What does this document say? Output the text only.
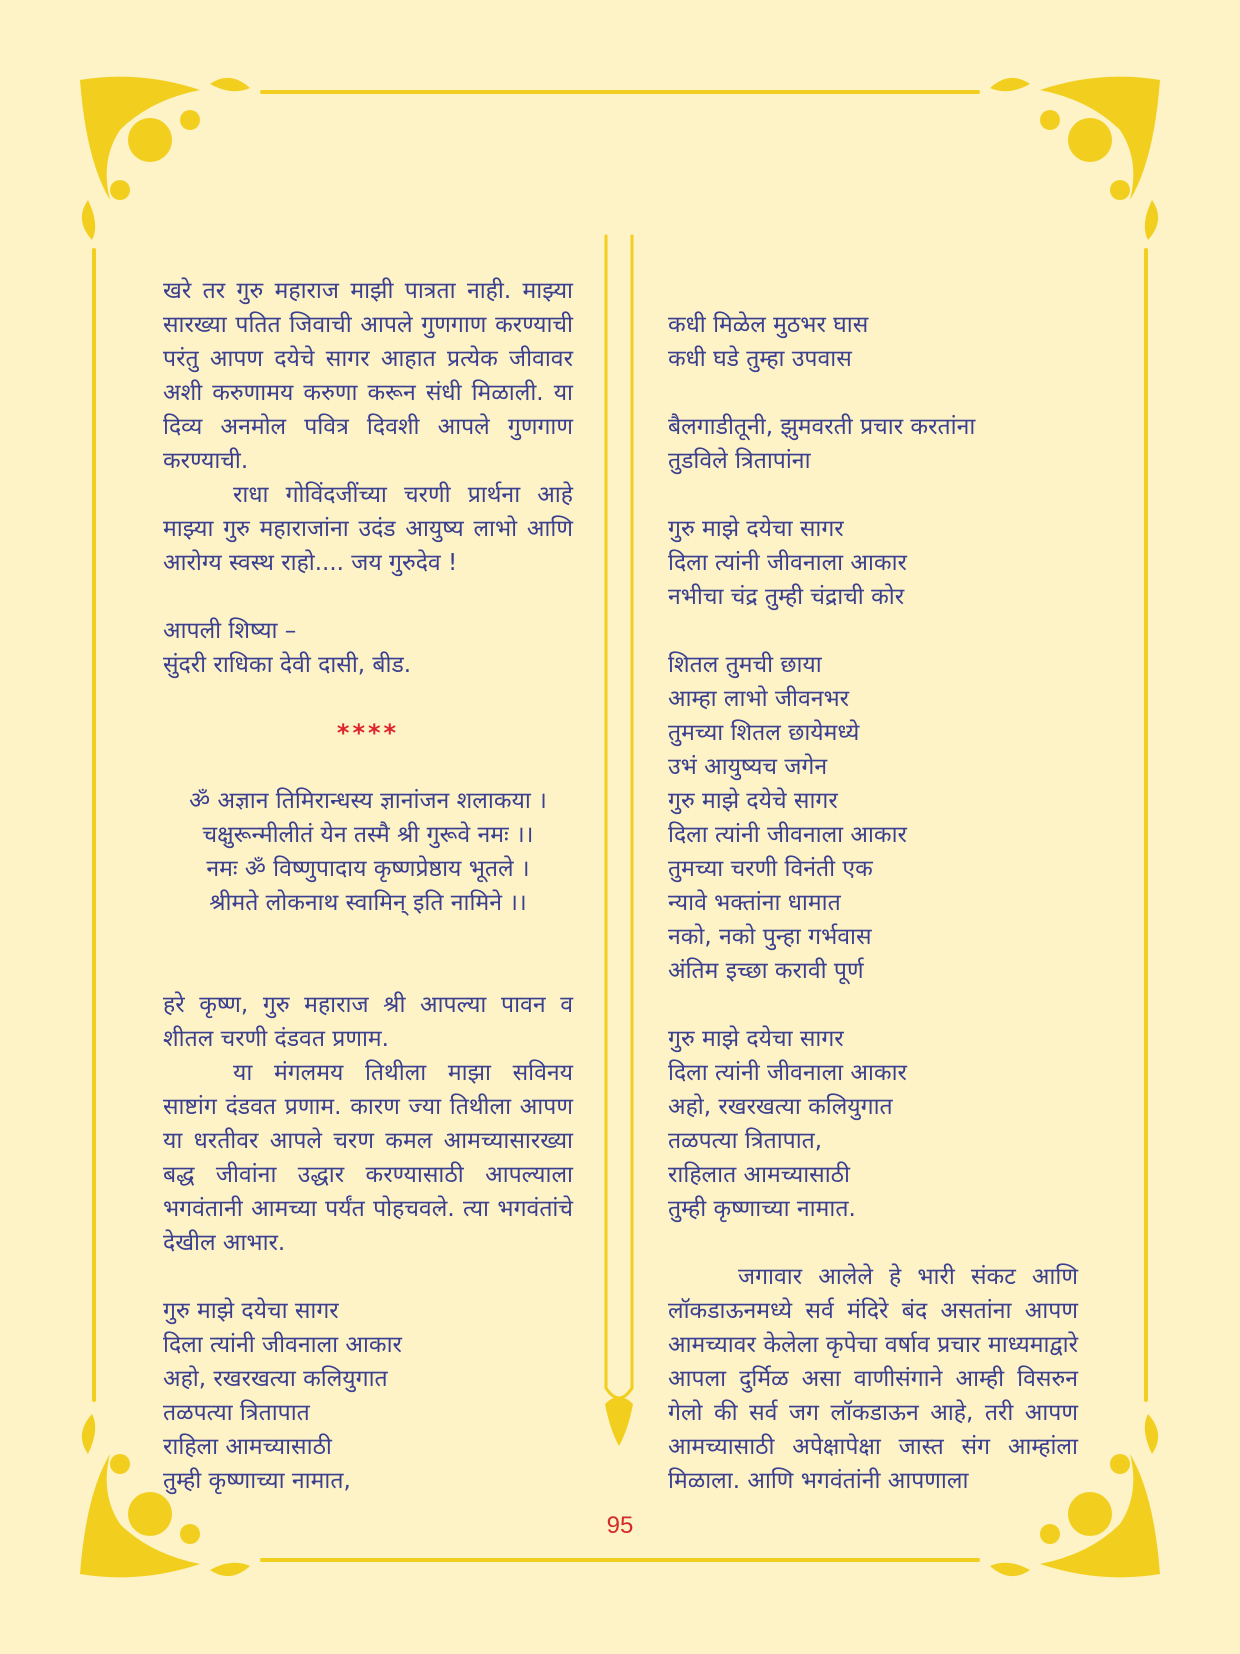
खरे तर गुरु महाराज माझी पात्रता नाही. माझ्या सारख्या पतित जिवाची आपले गुणगाण करण्याची परंतु आपण दयेचे सागर आहात प्रत्येक जीवावर अशी करुणामय करुणा करून संधी मिळाली. या दिव्य अनमोल पवित्र दिवशी आपले गुणगाण करण्याची.

राधा गोविंदजींच्या चरणी प्रार्थना आहे माझ्या गुरु महाराजांना उदंड आयुष्य लाभो आणि आरोग्य स्वस्थ राहो.... जय गुरुदेव !

आपली शिष्या –
सुंदरी राधिका देवी दासी, बीड.
****
ॐ अज्ञान तिमिरान्धस्य ज्ञानांजन शलाकया ।
चक्षुरून्मीलीतं येन तस्मै श्री गुरूवे नमः ।।
नमः ॐ विष्णुपादाय कृष्णप्रेष्ठाय भूतले ।
श्रीमते लोकनाथ स्वामिन् इति नामिने ।।

हरे कृष्ण, गुरु महाराज श्री आपल्या पावन व शीतल चरणी दंडवत प्रणाम.

या मंगलमय तिथीला माझा सविनय साष्टांग दंडवत प्रणाम. कारण ज्या तिथीला आपण या धरतीवर आपले चरण कमल आमच्यासारख्या बद्ध जीवांना उद्धार करण्यासाठी आपल्याला भगवंतानी आमच्या पर्यंत पोहचवले. त्या भगवंतांचे देखील आभार.

गुरु माझे दयेचा सागर
दिला त्यांनी जीवनाला आकार
अहो, रखरखत्या कलियुगात
तळपत्या त्रितापात
राहिला आमच्यासाठी
तुम्ही कृष्णाच्या नामात,
कधी मिळेल मुठभर घास
कधी घडे तुम्हा उपवास
बैलगाडीतूनी, झुमवरती प्रचार करतांना
तुडविले त्रितापांना
गुरु माझे दयेचा सागर
दिला त्यांनी जीवनाला आकार
नभीचा चंद्र तुम्ही चंद्राची कोर
शितल तुमची छाया
आम्हा लाभो जीवनभर
तुमच्या शितल छायेमध्ये
उभं आयुष्यच जगेन
गुरु माझे दयेचे सागर
दिला त्यांनी जीवनाला आकार
तुमच्या चरणी विनंती एक
न्यावे भक्तांना धामात
नको, नको पुन्हा गर्भवास
अंतिम इच्छा करावी पूर्ण
गुरु माझे दयेचा सागर
दिला त्यांनी जीवनाला आकार
अहो, रखरखत्या कलियुगात
तळपत्या त्रितापात,
राहिलात आमच्यासाठी
तुम्ही कृष्णाच्या नामात.

जगावार आलेले हे भारी संकट आणि लॉकडाऊनमध्ये सर्व मंदिरे बंद असतांना आपण आमच्यावर केलेला कृपेचा वर्षाव प्रचार माध्यमाद्वारे आपला दुर्मिळ असा वाणीसंगाने आम्ही विसरुन गेलो की सर्व जग लॉकडाऊन आहे, तरी आपण आमच्यासाठी अपेक्षापेक्षा जास्त संग आम्हांला मिळाला. आणि भगवंतांनी आपणाला

95
